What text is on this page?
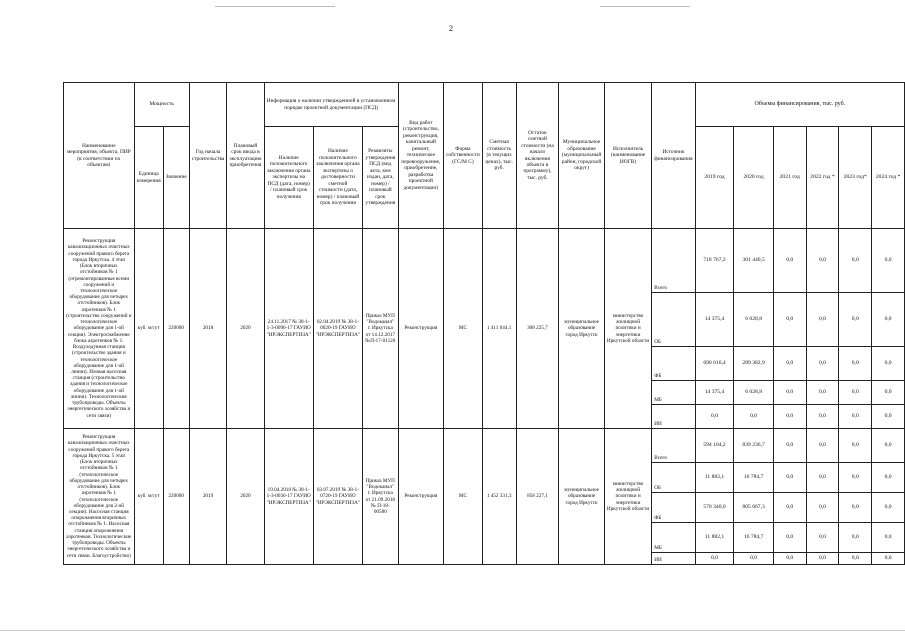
2
Наименование мероприятия, объекта, ПИР (в соответствии по объектам)	Мощность		Год начала строительства	Плановый срок ввода в эксплуатацию приобретения	Информация о наличии утвержденной в установленном порядке проектной документации (ПСД)			Вид работ (строительство, реконструкция, капитальный ремонт, техническое перевооружение, приобретение, разработка проектной документации)	Форма собственности (ГС/М С)	Сметная стоимость (в текущих ценах), тыс. руб.	Остаток сметной стоимости (на начало включения объекта в программу), тыс. руб.	Муниципальное образование (муниципальный район, городской округ)	Исполнитель (наименование ИОГВ)	Источник финансирования	Объемы финансирования, тыс. руб.					
	Единица измерения	Значение			Наличие положительного заключения органа экспертизы на ПСД (дата, номер) / плановый срок получения	Наличие положительного заключения органа экспертизы о достоверности сметной стоимости (дата, номер) / плановый срок получения	Реквизиты утверждения ПСД (вид акта, кем издан, дата, номер) / плановый срок утверждения								2019 год	2020 год	2021 год	2022 год *	2023 год*	2024 год *
Реконструкция канализационных очистных сооружений правого берега города Иркутска. 4 этап (Блок вторичных отстойников № 1 (отремонтированные всеми сооружений и технологическое оборудование для четырех отстойников). Блок аэротенков № 1 (строительство сооружений и технологическое оборудование для 1-ой секции). Электроснабжение блока аэротенков № 1. Воздуходувная станция (строительство здания и технологическое оборудование для 1-ой линии). Иловая насосная станция (строительство здания и технологическое оборудование для 1-ой линии). Технологические трубопроводы. Объекты энергетического хозяйства и сети связи)	куб. м/сут	220000	2018	2020	24.11.2017 № 38-1-1-3-0096-17 ГАУИО "ИРЭКСПЕРТИЗА"	02.04.2019 № 38-1-0020-19 ГАУИО "ИРЭКСПЕРТИЗА"	Приказ МУП "Водоканал" г. Иркутска от 14.12.2017 №П-17-01120	Реконструкция	МС	1 411 044,1	308 225,7	муниципальное образование город Иркутск	министерство жилищной политики и энергетики Иркутской области	Всего	718 767,2	301 440,5	0,0	0,0	0,0	0,0
														ОБ	14 375,4	6 028,8	0,0	0,0	0,0	0,0
														ФБ	690 016,4	289 382,9	0,0	0,0	0,0	0,0
														МБ	14 375,4	6 028,8	0,0	0,0	0,0	0,0
														ИИ	0,0	0,0	0,0	0,0	0,0	0,0
Реконструкция канализационных очистных сооружений правого берега города Иркутска. 5 этап (Блок вторичных отстойников № 1 (технологическое оборудование для четырех отстойников). Блок аэротенков № 1 (технологическое оборудование для 2-ой секции). Насосная станция опорожнения вторичных отстойников № 1. Насосная станция опорожнения аэротенков. Технологические трубопроводы. Объекты энергетического хозяйства и сети связи. Благоустройство)	куб. м/сут	220000	2019	2020	19.04.2018 № 38-1-1-3-0036-17 ГАУИО "ИРЭКСПЕРТИЗА"	03.07.2019 № 38-1-0720-19 ГАУИО "ИРЭКСПЕРТИЗА"	Приказ МУП "Водоканал" г. Иркутска от 21.09.2018 № П-18-00580	Реконструкция	МС	1 452 331,3	858 227,1	муниципальное образование город Иркутск	министерство жилищной политики и энергетики Иркутской области	Всего	594 104,2	839 236,7	0,0	0,0	0,0	0,0
														ОБ	11 882,1	16 784,7	0,0	0,0	0,0	0,0
														ФБ	570 340,0	805 667,3	0,0	0,0	0,0	0,0
														МБ	11 882,1	16 784,7	0,0	0,0	0,0	0,0
														ИИ	0,0	0,0	0,0	0,0	0,0	0,0
